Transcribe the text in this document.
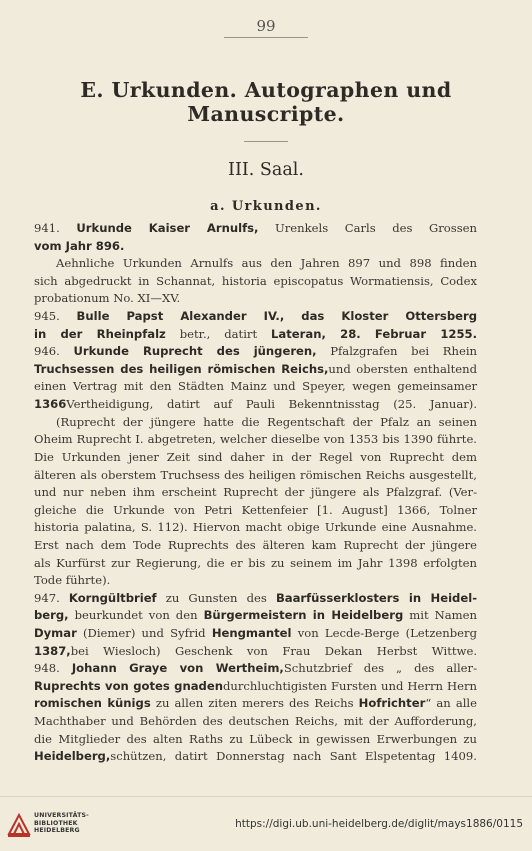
99
E. Urkunden. Autographen und
Manuscripte.
III. Saal.
a. Urkunden.
941. Urkunde Kaiser Arnulfs, Urenkels Carls des Grossen
vom Jahr 896.
Aehnliche Urkunden Arnulfs aus den Jahren 897 und 898 finden
sich abgedruckt in Schannat, historia episcopatus Wormatiensis, Codex
probationum No. XI—XV.
945. Bulle Papst Alexander IV., das Kloster Ottersberg
in der Rheinpfalz betr., datirt Lateran, 28. Februar 1255.
946. Urkunde Ruprecht des jüngeren, Pfalzgrafen bei Rhein
Truchsessen des heiligen römischen Reichs,und obersten enthaltend
einen Vertrag mit den Städten Mainz und Speyer, wegen gemeinsamer
1366Vertheidigung, datirt auf Pauli Bekenntnisstag (25. Januar).
(Ruprecht der jüngere hatte die Regentschaft der Pfalz an seinen
Oheim Ruprecht I. abgetreten, welcher dieselbe von 1353 bis 1390 führte.
Die Urkunden jener Zeit sind daher in der Regel von Ruprecht dem
älteren als oberstem Truchsess des heiligen römischen Reichs ausgestellt,
und nur neben ihm erscheint Ruprecht der jüngere als Pfalzgraf. (Ver-
gleiche die Urkunde von Petri Kettenfeier [1. August] 1366, Tolner
historia palatina, S. 112). Hiervon macht obige Urkunde eine Ausnahme.
Erst nach dem Tode Ruprechts des älteren kam Ruprecht der jüngere
als Kurfürst zur Regierung, die er bis zu seinem im Jahr 1398 erfolgten
Tode führte).
947. Korngültbrief zu Gunsten des Baarfüsserklosters in Heidel-
berg, beurkundet von den Bürgermeistern in Heidelberg mit Namen
Dymar (Diemer) und Syfrid Hengmantel von Lecde-Berge (Letzenberg
1387,bei Wiesloch) Geschenk von Frau Dekan Herbst Wittwe.
948. Johann Graye von Wertheim,Schutzbrief des „ des aller-
Ruprechts von gotes gnadendurchluchtigisten Fursten und Herrn Hern
romischen künigs zu allen ziten merers des Reichs Hofrichter“ an alle
Machthaber und Behörden des deutschen Reichs, mit der Aufforderung,
die Mitglieder des alten Raths zu Lübeck in gewissen Erwerbungen zu
Heidelberg,schützen, datirt Donnerstag nach Sant Elspetentag 1409.
UNIVERSITÄTS-
BIBLIOTHEK
HEIDELBERG
https://digi.ub.uni-heidelberg.de/diglit/mays1886/0115
